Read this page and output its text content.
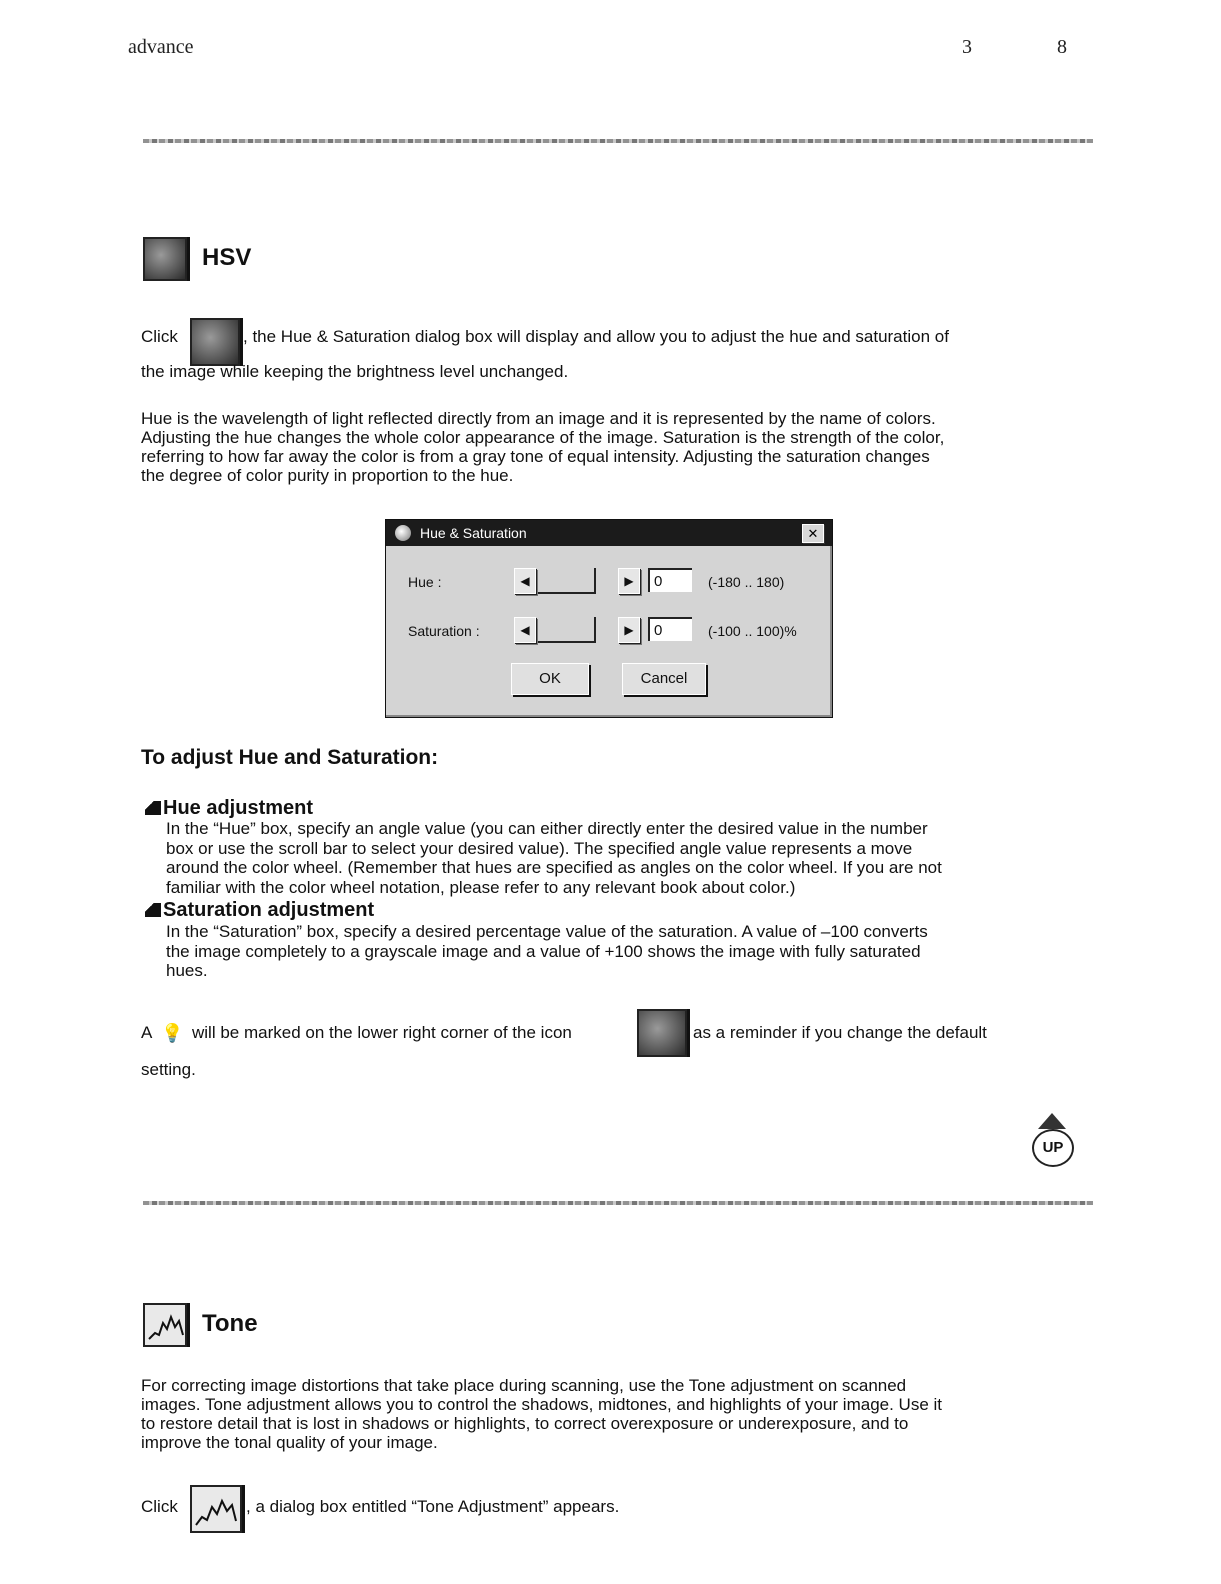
advance	3	8
HSV
Click	, the Hue & Saturation dialog box will display and allow you to adjust the hue and saturation of
the image while keeping the brightness level unchanged.
Hue is the wavelength of light reflected directly from an image and it is represented by the name of colors.
Adjusting the hue changes the whole color appearance of the image. Saturation is the strength of the color,
referring to how far away the color is from a gray tone of equal intensity. Adjusting the saturation changes
the degree of color purity in proportion to the hue.
Hue & Saturation	✕
Hue :	◀	▶	0	(-180 .. 180)
Saturation :	◀	▶	0	(-100 .. 100)%
OK	Cancel
To adjust Hue and Saturation:
Hue adjustment
In the “Hue” box, specify an angle value (you can either directly enter the desired value in the number
box or use the scroll bar to select your desired value). The specified angle value represents a move
around the color wheel. (Remember that hues are specified as angles on the color wheel. If you are not
familiar with the color wheel notation, please refer to any relevant book about color.)
Saturation adjustment
In the “Saturation” box, specify a desired percentage value of the saturation. A value of –100 converts
the image completely to a grayscale image and a value of +100 shows the image with fully saturated
hues.
A 💡 will be marked on the lower right corner of the icon	as a reminder if you change the default
setting.
UP
Tone
For correcting image distortions that take place during scanning, use the Tone adjustment on scanned
images. Tone adjustment allows you to control the shadows, midtones, and highlights of your image. Use it
to restore detail that is lost in shadows or highlights, to correct overexposure or underexposure, and to
improve the tonal quality of your image.
Click	, a dialog box entitled “Tone Adjustment” appears.
